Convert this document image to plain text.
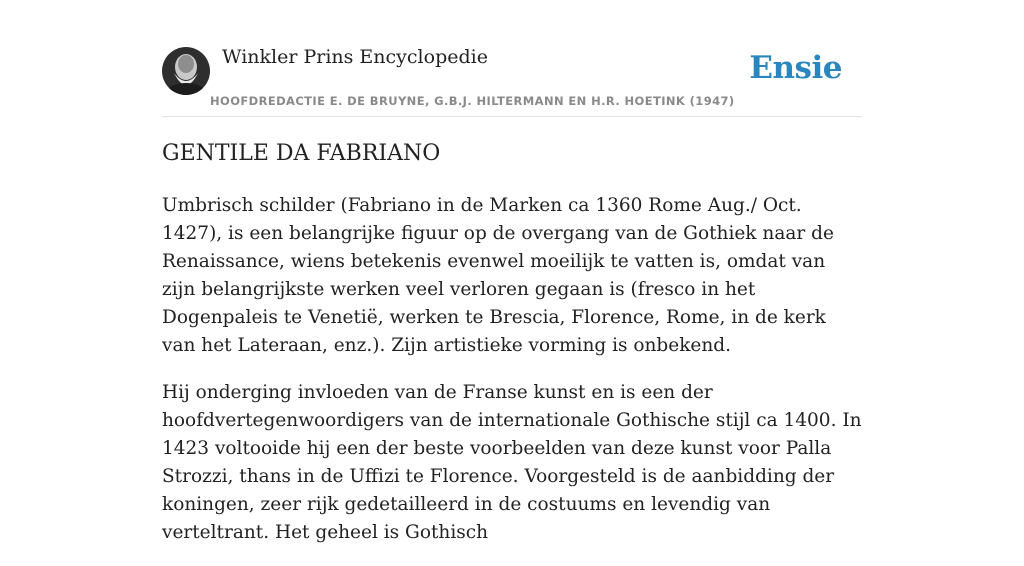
Winkler Prins Encyclopedie
HOOFDREDACTIE E. DE BRUYNE, G.B.J. HILTERMANN EN H.R. HOETINK (1947)
Ensie
GENTILE DA FABRIANO

Umbrisch schilder (Fabriano in de Marken ca 1360 Rome Aug./ Oct. 1427), is een belangrijke figuur op de overgang van de Gothiek naar de Renaissance, wiens betekenis evenwel moeilijk te vatten is, omdat van zijn belangrijkste werken veel verloren gegaan is (fresco in het Dogenpaleis te Venetië, werken te Brescia, Florence, Rome, in de kerk van het Lateraan, enz.). Zijn artistieke vorming is onbekend.

Hij onderging invloeden van de Franse kunst en is een der hoofdvertegenwoordigers van de internationale Gothische stijl ca 1400. In 1423 voltooide hij een der beste voorbeelden van deze kunst voor Palla Strozzi, thans in de Uffizi te Florence. Voorgesteld is de aanbidding der koningen, zeer rijk gedetailleerd in de costuums en levendig van verteltrant. Het geheel is Gothisch
